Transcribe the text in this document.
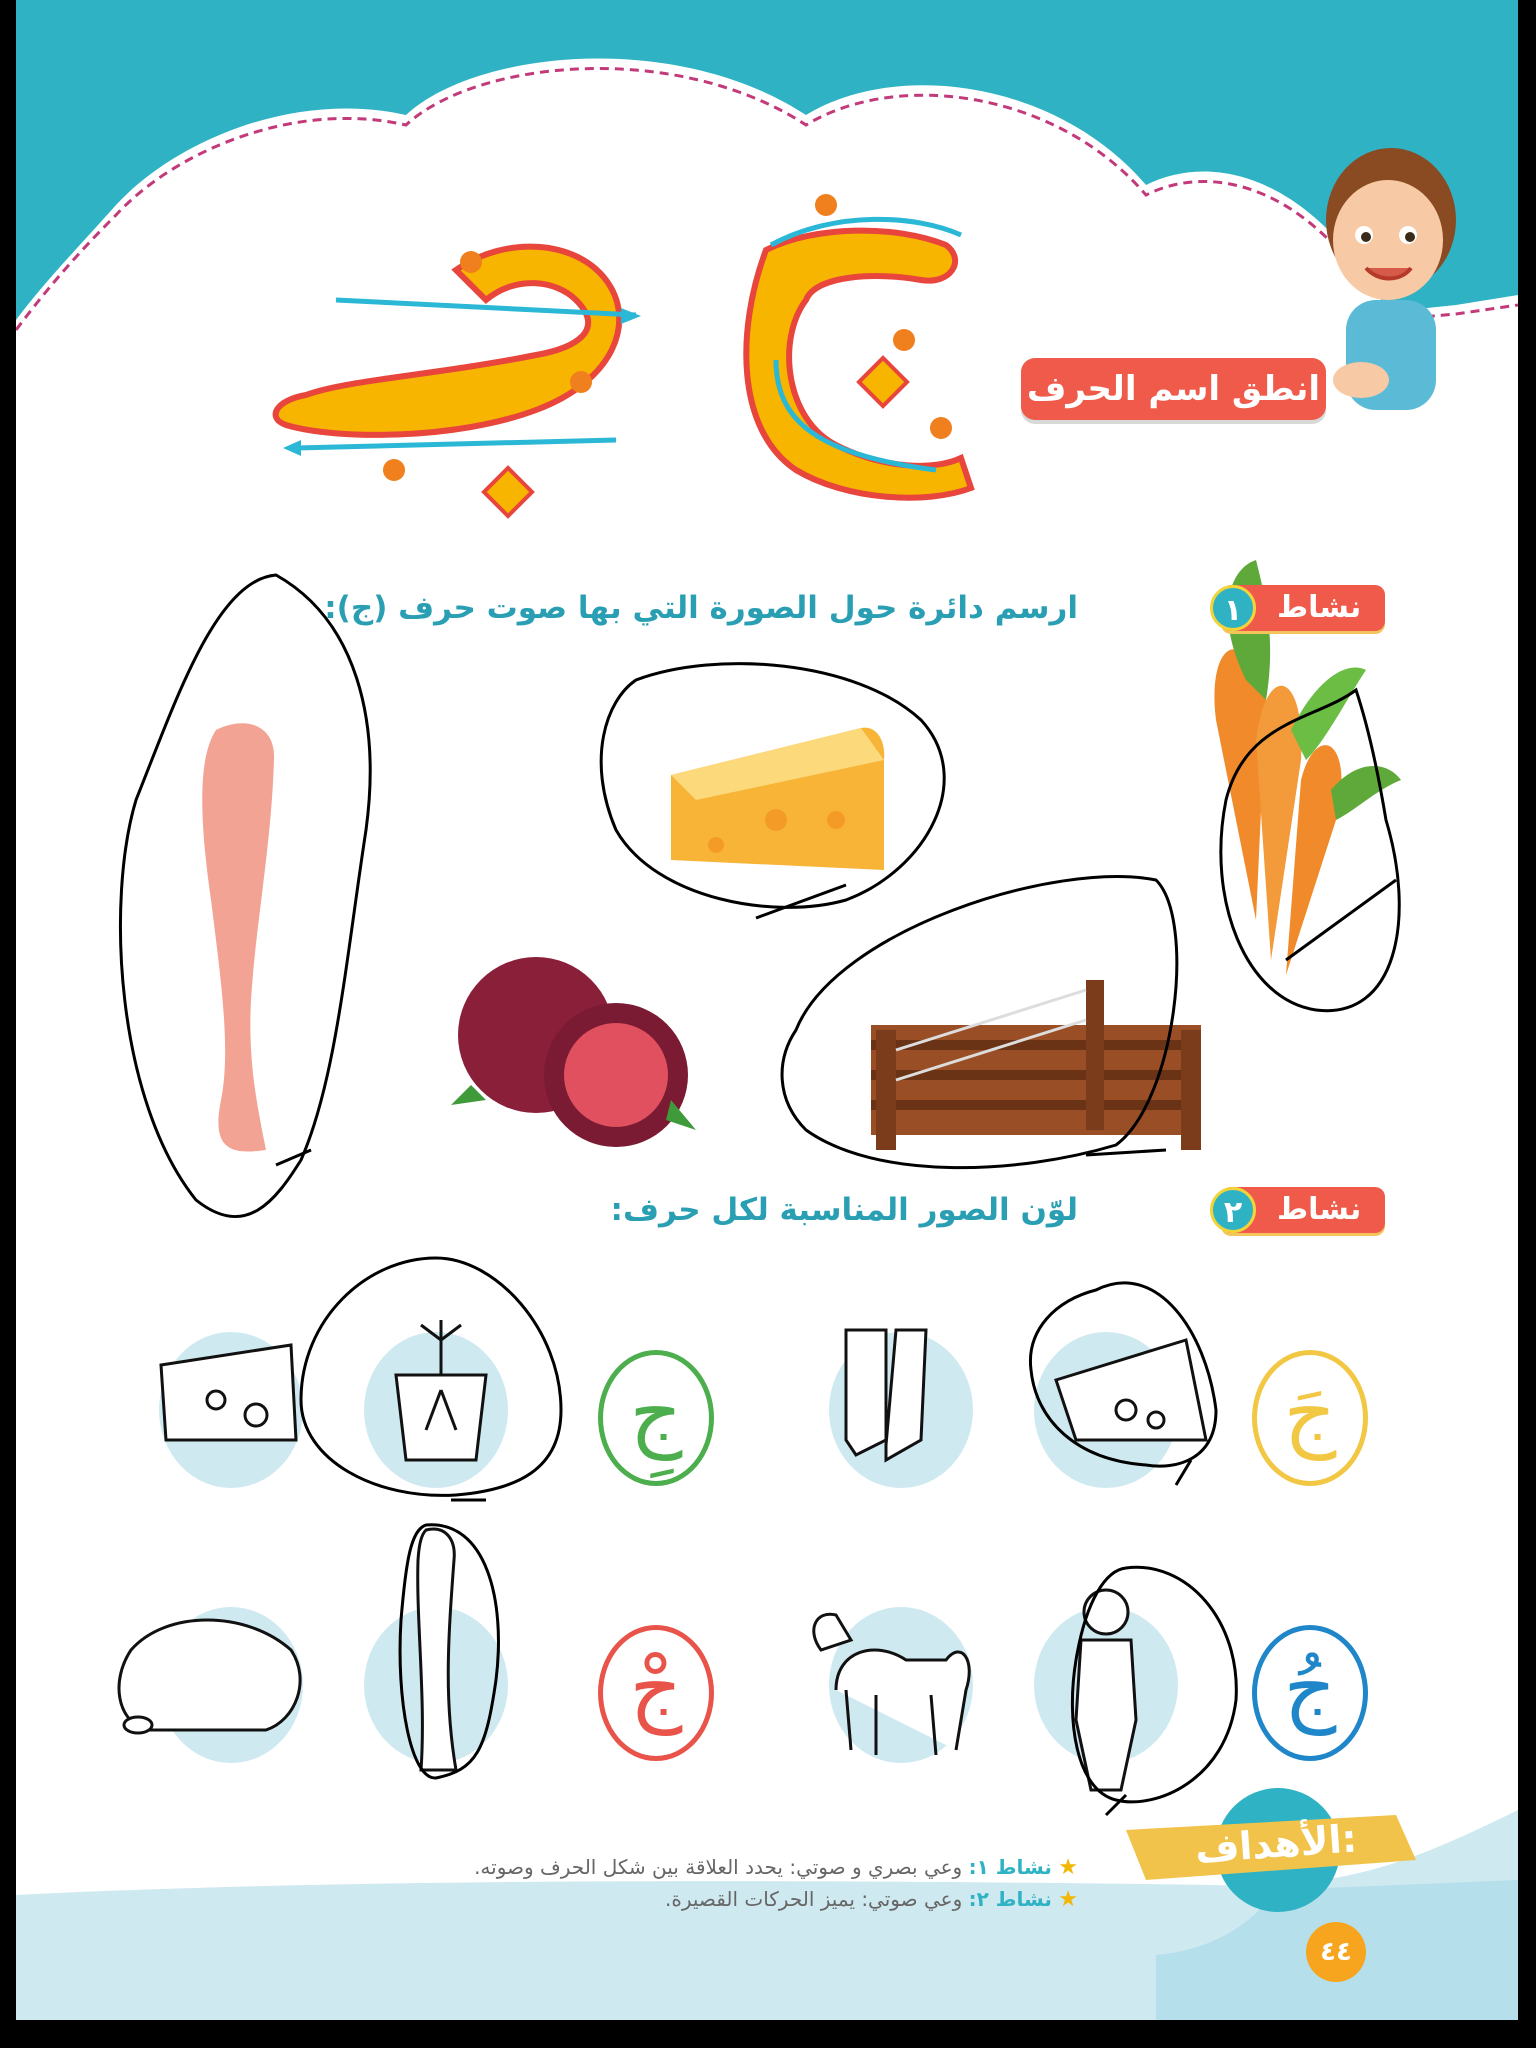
انطق اسم الحرف
ارسم دائرة حول الصورة التي بها صوت حرف (ج):	نشاط
١
لوّن الصور المناسبة لكل حرف:	نشاط
٢
جَ
جِ
جُ
جْ
الأهداف:
★ نشاط ١: وعي بصري و صوتي: يحدد العلاقة بين شكل الحرف وصوته.
★ نشاط ٢: وعي صوتي: يميز الحركات القصيرة.
٤٤
